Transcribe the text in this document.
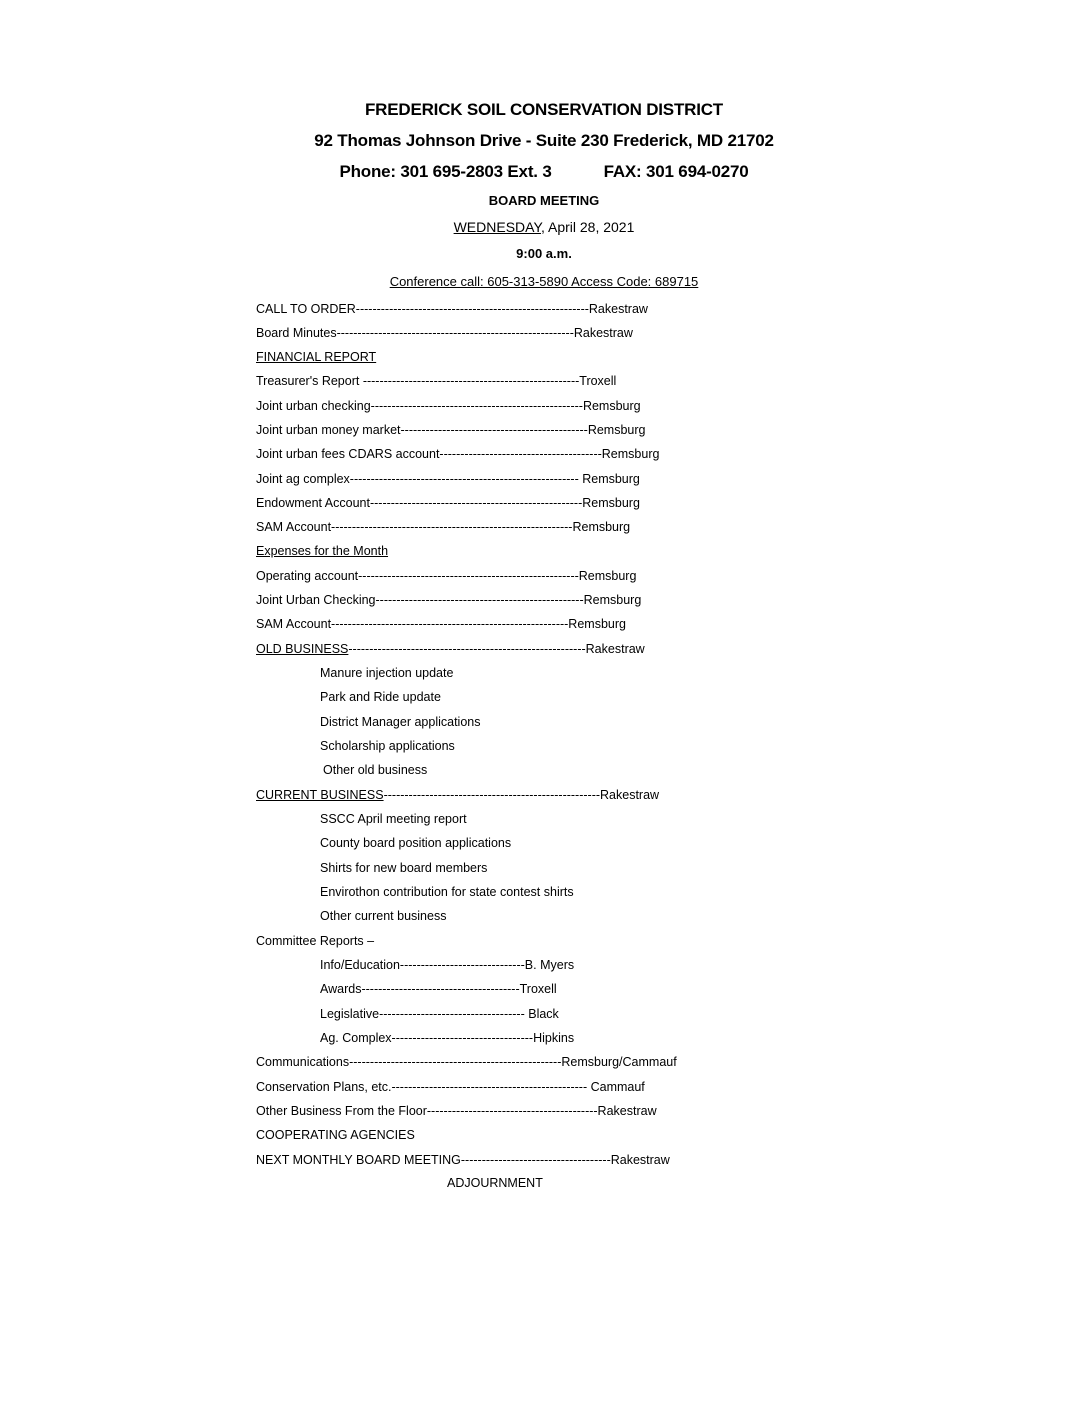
FREDERICK SOIL CONSERVATION DISTRICT
92 Thomas Johnson Drive - Suite 230 Frederick, MD 21702
Phone: 301 695-2803 Ext. 3	FAX: 301 694-0270
BOARD MEETING
WEDNESDAY, April 28, 2021
9:00 a.m.
Conference call: 605-313-5890 Access Code: 689715
CALL TO ORDER--------------------------------------------------------Rakestraw
Board Minutes---------------------------------------------------------Rakestraw
FINANCIAL REPORT
Treasurer's Report ----------------------------------------------------Troxell
Joint urban checking---------------------------------------------------Remsburg
Joint urban money market---------------------------------------------Remsburg
Joint urban fees CDARS account---------------------------------------Remsburg
Joint ag complex------------------------------------------------------- Remsburg
Endowment Account---------------------------------------------------Remsburg
SAM Account----------------------------------------------------------Remsburg
Expenses for the Month
Operating account-----------------------------------------------------Remsburg
Joint Urban Checking--------------------------------------------------Remsburg
SAM Account---------------------------------------------------------Remsburg
OLD BUSINESS---------------------------------------------------------Rakestraw
Manure injection update
Park and Ride update
District Manager applications
Scholarship applications
Other old business
CURRENT BUSINESS----------------------------------------------------Rakestraw
SSCC April meeting report
County board position applications
Shirts for new board members
Envirothon contribution for state contest shirts
Other current business
Committee Reports –
Info/Education------------------------------B. Myers
Awards--------------------------------------Troxell
Legislative----------------------------------- Black
Ag. Complex----------------------------------Hipkins
Communications---------------------------------------------------Remsburg/Cammauf
Conservation Plans, etc.----------------------------------------------- Cammauf
Other Business From the Floor-----------------------------------------Rakestraw
COOPERATING AGENCIES
NEXT MONTHLY BOARD MEETING------------------------------------Rakestraw
ADJOURNMENT
